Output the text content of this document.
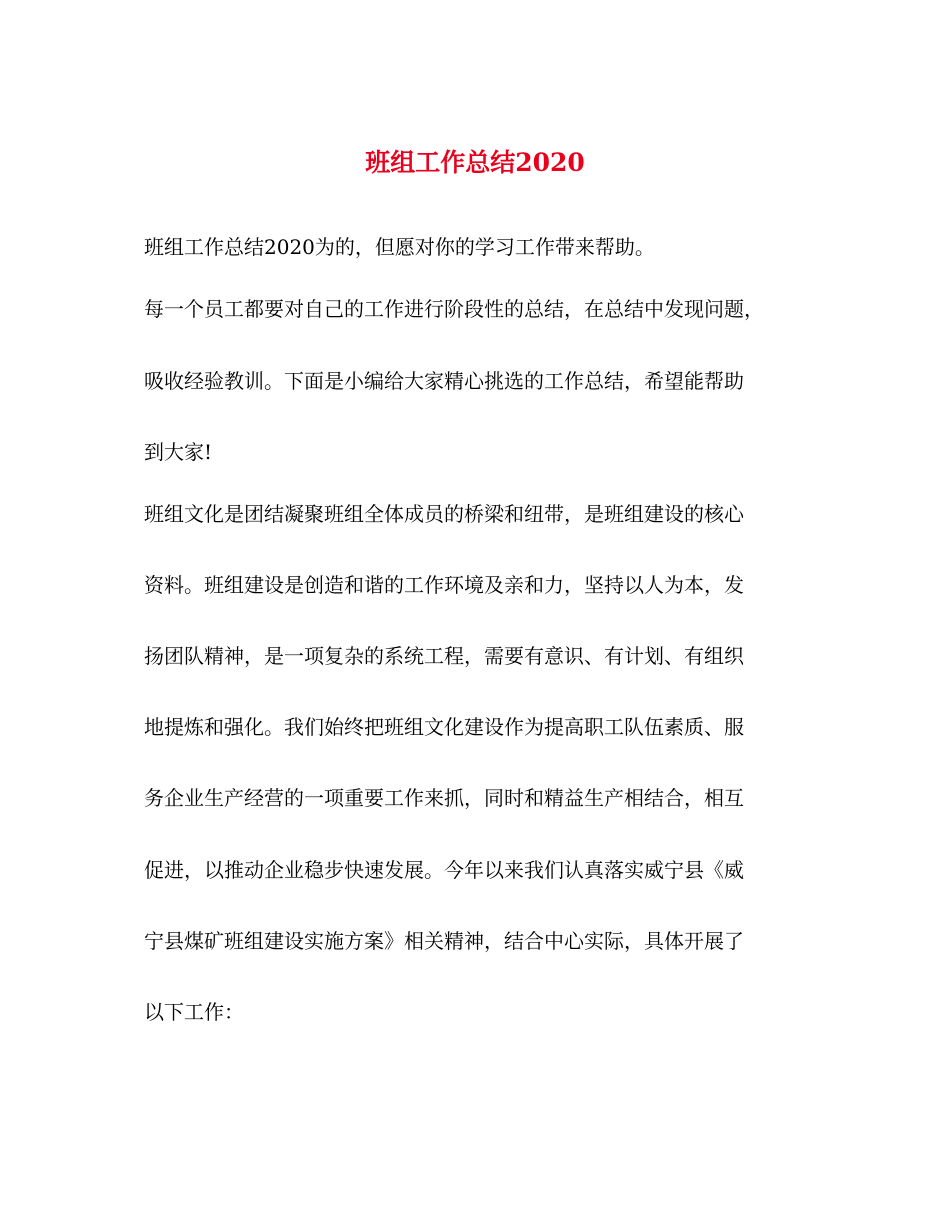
班组工作总结2020
班组工作总结2020为的，但愿对你的学习工作带来帮助。
每一个员工都要对自己的工作进行阶段性的总结，在总结中发现问题，
吸收经验教训。下面是小编给大家精心挑选的工作总结，希望能帮助
到大家!
班组文化是团结凝聚班组全体成员的桥梁和纽带，是班组建设的核心
资料。班组建设是创造和谐的工作环境及亲和力，坚持以人为本，发
扬团队精神，是一项复杂的系统工程，需要有意识、有计划、有组织
地提炼和强化。我们始终把班组文化建设作为提高职工队伍素质、服
务企业生产经营的一项重要工作来抓，同时和精益生产相结合，相互
促进，以推动企业稳步快速发展。今年以来我们认真落实威宁县《威
宁县煤矿班组建设实施方案》相关精神，结合中心实际，具体开展了
以下工作：
